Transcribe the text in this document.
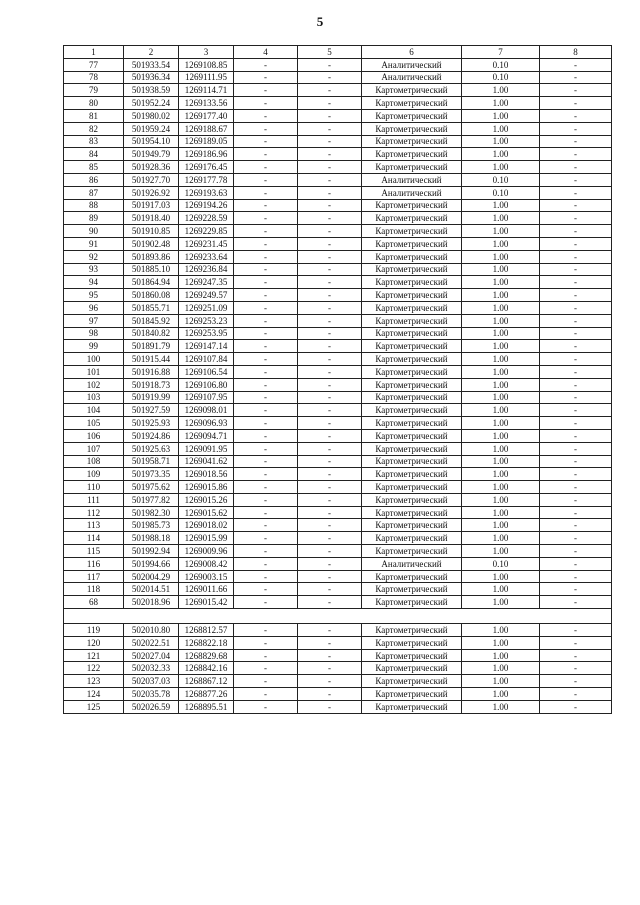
5
1	2	3	4	5	6	7	8
77	501933.54	1269108.85	-	-	Аналитический	0.10	-
78	501936.34	1269111.95	-	-	Аналитический	0.10	-
79	501938.59	1269114.71	-	-	Картометрический	1.00	-
80	501952.24	1269133.56	-	-	Картометрический	1.00	-
81	501980.02	1269177.40	-	-	Картометрический	1.00	-
82	501959.24	1269188.67	-	-	Картометрический	1.00	-
83	501954.10	1269189.05	-	-	Картометрический	1.00	-
84	501949.79	1269186.96	-	-	Картометрический	1.00	-
85	501928.36	1269176.45	-	-	Картометрический	1.00	-
86	501927.70	1269177.78	-	-	Аналитический	0.10	-
87	501926.92	1269193.63	-	-	Аналитический	0.10	-
88	501917.03	1269194.26	-	-	Картометрический	1.00	-
89	501918.40	1269228.59	-	-	Картометрический	1.00	-
90	501910.85	1269229.85	-	-	Картометрический	1.00	-
91	501902.48	1269231.45	-	-	Картометрический	1.00	-
92	501893.86	1269233.64	-	-	Картометрический	1.00	-
93	501885.10	1269236.84	-	-	Картометрический	1.00	-
94	501864.94	1269247.35	-	-	Картометрический	1.00	-
95	501860.08	1269249.57	-	-	Картометрический	1.00	-
96	501855.71	1269251.09	-	-	Картометрический	1.00	-
97	501845.92	1269253.23	-	-	Картометрический	1.00	-
98	501840.82	1269253.95	-	-	Картометрический	1.00	-
99	501891.79	1269147.14	-	-	Картометрический	1.00	-
100	501915.44	1269107.84	-	-	Картометрический	1.00	-
101	501916.88	1269106.54	-	-	Картометрический	1.00	-
102	501918.73	1269106.80	-	-	Картометрический	1.00	-
103	501919.99	1269107.95	-	-	Картометрический	1.00	-
104	501927.59	1269098.01	-	-	Картометрический	1.00	-
105	501925.93	1269096.93	-	-	Картометрический	1.00	-
106	501924.86	1269094.71	-	-	Картометрический	1.00	-
107	501925.63	1269091.95	-	-	Картометрический	1.00	-
108	501958.71	1269041.62	-	-	Картометрический	1.00	-
109	501973.35	1269018.56	-	-	Картометрический	1.00	-
110	501975.62	1269015.86	-	-	Картометрический	1.00	-
111	501977.82	1269015.26	-	-	Картометрический	1.00	-
112	501982.30	1269015.62	-	-	Картометрический	1.00	-
113	501985.73	1269018.02	-	-	Картометрический	1.00	-
114	501988.18	1269015.99	-	-	Картометрический	1.00	-
115	501992.94	1269009.96	-	-	Картометрический	1.00	-
116	501994.66	1269008.42	-	-	Аналитический	0.10	-
117	502004.29	1269003.15	-	-	Картометрический	1.00	-
118	502014.51	1269011.66	-	-	Картометрический	1.00	-
68	502018.96	1269015.42	-	-	Картометрический	1.00	-

119	502010.80	1268812.57	-	-	Картометрический	1.00	-
120	502022.51	1268822.18	-	-	Картометрический	1.00	-
121	502027.04	1268829.68	-	-	Картометрический	1.00	-
122	502032.33	1268842.16	-	-	Картометрический	1.00	-
123	502037.03	1268867.12	-	-	Картометрический	1.00	-
124	502035.78	1268877.26	-	-	Картометрический	1.00	-
125	502026.59	1268895.51	-	-	Картометрический	1.00	-
